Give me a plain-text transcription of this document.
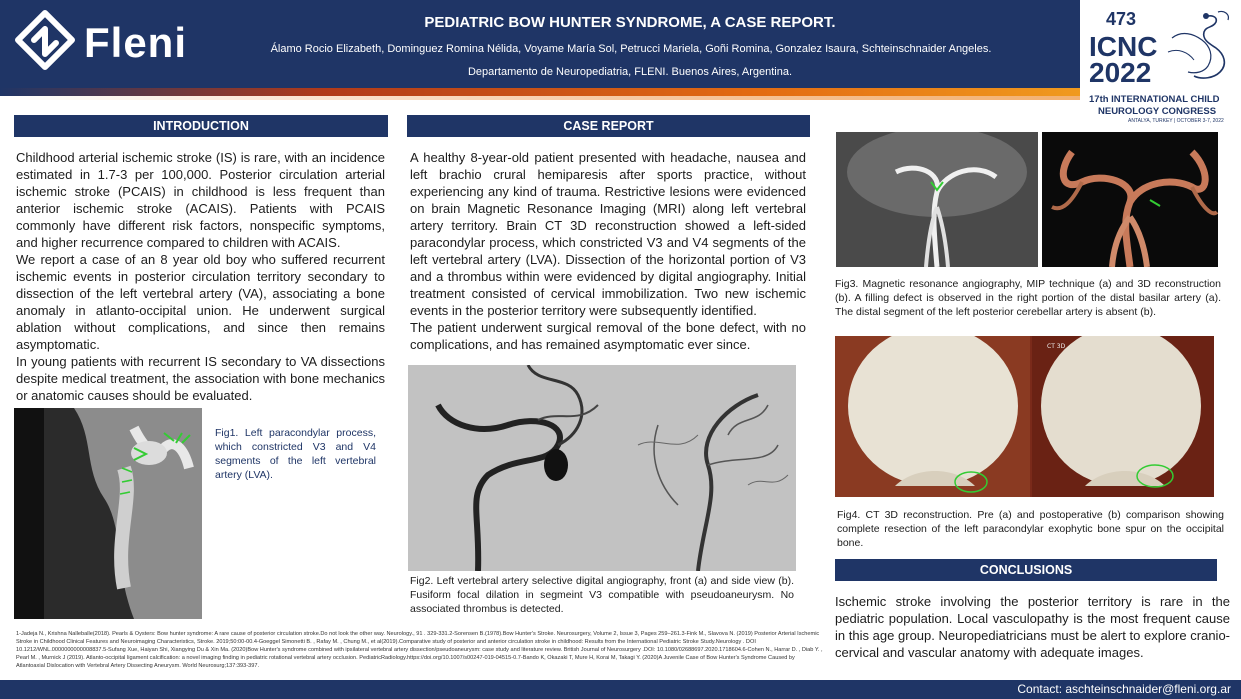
Fleni	PEDIATRIC BOW HUNTER SYNDROME, A CASE REPORT.
Álamo Rocio Elizabeth, Dominguez Romina Nélida, Voyame María Sol, Petrucci Mariela, Goñi Romina, Gonzalez Isaura, Schteinschnaider Angeles.
Departamento de Neuropediatria, FLENI. Buenos Aires, Argentina.
473
ICNC
2022
17th INTERNATIONAL CHILD
NEUROLOGY CONGRESS
ANTALYA, TURKEY | OCTOBER 3-7, 2022
INTRODUCTION
Childhood arterial ischemic stroke (IS) is rare, with an incidence estimated in 1.7-3 per 100,000. Posterior circulation arterial ischemic stroke (PCAIS) in childhood is less frequent than anterior ischemic stroke (ACAIS). Patients with PCAIS commonly have different risk factors, nonspecific symptoms, and higher recurrence compared to children with ACAIS.
We report a case of an 8 year old boy who suffered recurrent ischemic events in posterior circulation territory secondary to dissection of the left vertebral artery (VA), associating a bone anomaly in atlanto-occipital union. He underwent surgical ablation without complications, and since then remains asymptomatic.
In young patients with recurrent IS secondary to VA dissections despite medical treatment, the association with bone mechanics or anatomic causes should be evaluated.
Fig1. Left paracondylar process, which constricted V3 and V4 segments of the left vertebral artery (LVA).
CASE REPORT
A healthy 8-year-old patient presented with headache, nausea and left brachio crural hemiparesis after sports practice, without experiencing any kind of trauma. Restrictive lesions were evidenced on brain Magnetic Resonance Imaging (MRI) along left vertebral artery territory. Brain CT 3D reconstruction showed a left-sided paracondylar process, which constricted V3 and V4 segments of the left vertebral artery (LVA). Dissection of the horizontal portion of V3 and a thrombus within were evidenced by digital angiography. Initial treatment consisted of cervical immobilization. Two new ischemic events in the posterior territory were subsequently identified.
The patient underwent surgical removal of the bone defect, with no complications, and has remained asymptomatic ever since.
Fig2. Left vertebral artery selective digital angiography, front (a) and side view (b). Fusiform focal dilation in segmeint V3 compatible with pseudoaneurysm. No associated thrombus is detected.
Fig3. Magnetic resonance angiography, MIP technique (a) and 3D reconstruction (b). A filling defect is observed in the right portion of the distal basilar artery (a). The distal segment of the left posterior cerebellar artery is absent (b).
CT 3D
Fig4. CT 3D reconstruction. Pre (a) and postoperative (b) comparison showing complete resection of the left paracondylar exophytic bone spur on the occipital bone.
CONCLUSIONS
Ischemic stroke involving the posterior territory is rare in the pediatric population. Local vasculopathy is the most frequent cause in this age group. Neuropediatricians must be alert to explore cranio-cervical and vascular anatomy with adequate images.
1-Jadeja N., Krishna Nalleballe(2018). Pearls & Oysters: Bow hunter syndrome: A rare cause of posterior circulation stroke.Do not look the other way. Neurology., 91 . 329-331.2-Sorensen B.(1978).Bow Hunter's Stroke. Neurosurgery, Volume 2, Issue 3, Pages 259–261.3-Fink M., Slavova N. (2019) Posterior Arterial Ischemic Stroke in Childhood Clinical Features and Neuroimaging Characteristics, Stroke. 2019;50:00-00.4-Goeggel Simonetti B. , Rafay M. , Chung M., et al(2019).Comparative study of posterior and anterior circulation stroke in childhood: Results from the International Pediatric Stroke Study.Neurology . DOI 10.1212/WNL.0000000000008837.5-Sufang Xue, Haiyan Shi, Xiangying Du & Xin Ma. (2020)Bow Hunter's syndrome combined with ipsilateral vertebral artery dissection/pseudoaneurysm: case study and literature review. British Journal of Neurosurgery .DOI: 10.1080/02688697.2020.1718604.6-Cohen N., Harrar D. , Diab Y. , Pearl M. , Murnick J (2019). Atlanto-occipital ligament calcification: a novel imaging finding in pediatric rotational vertebral artery occlusion. PediatricRadiology.https://doi.org/10.1007/s00247-019-04515-0.7-Bando K, Okazaki T, Mure H, Korai M, Takagi Y. (2020)A Juvenile Case of Bow Hunter's Syndrome Caused by Atlantoaxial Dislocation with Vertebral Artery Dissecting Aneurysm. World Neurosurg;137:393-397.
Contact: aschteinschnaider@fleni.org.ar
